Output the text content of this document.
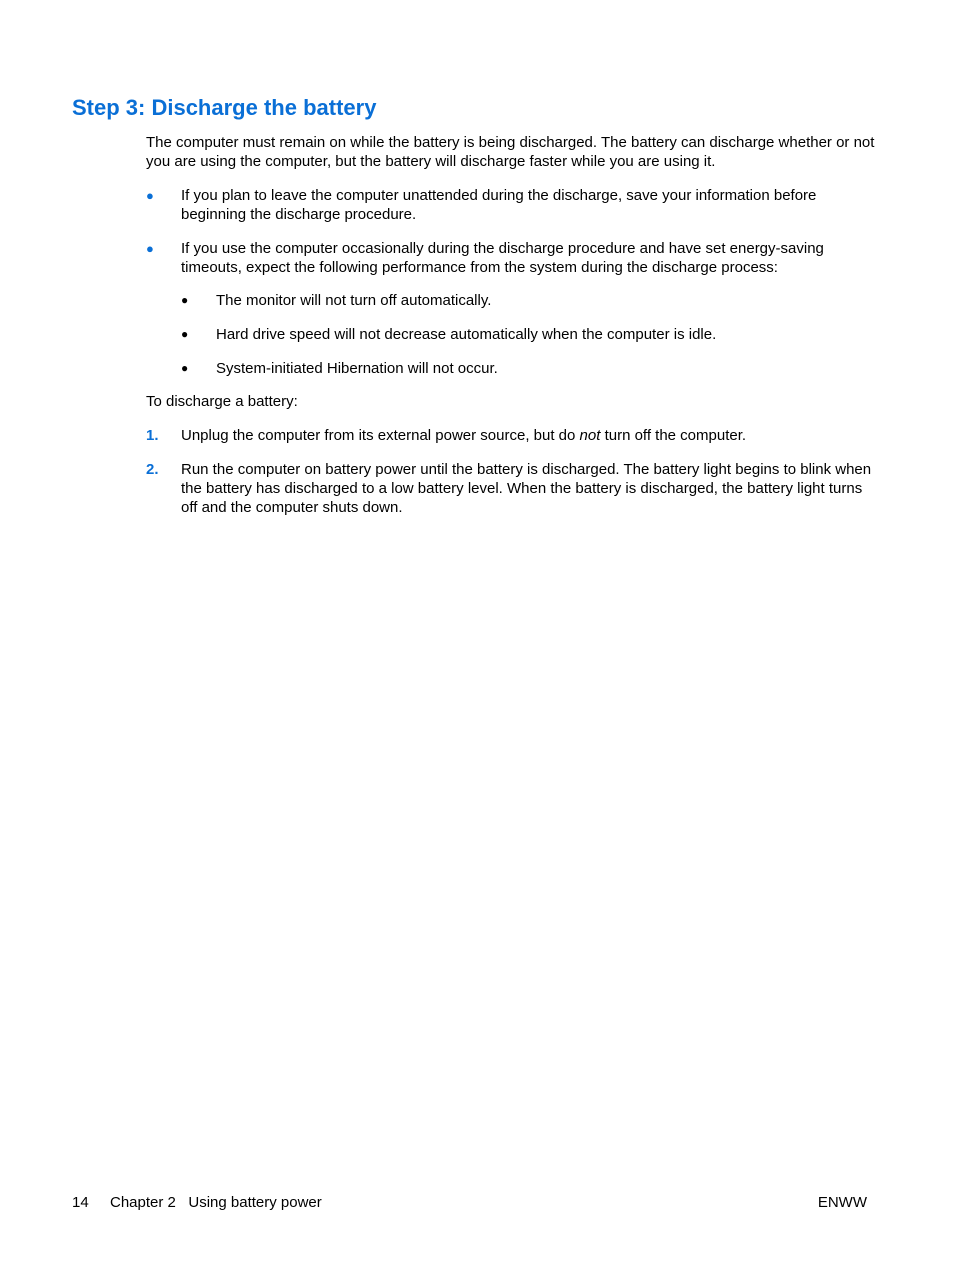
Step 3: Discharge the battery

The computer must remain on while the battery is being discharged. The battery can discharge whether or not you are using the computer, but the battery will discharge faster while you are using it.

● If you plan to leave the computer unattended during the discharge, save your information before beginning the discharge procedure.
● If you use the computer occasionally during the discharge procedure and have set energy-saving timeouts, expect the following performance from the system during the discharge process:
● The monitor will not turn off automatically.
● Hard drive speed will not decrease automatically when the computer is idle.
● System-initiated Hibernation will not occur.

To discharge a battery:

1. Unplug the computer from its external power source, but do not turn off the computer.
2. Run the computer on battery power until the battery is discharged. The battery light begins to blink when the battery has discharged to a low battery level. When the battery is discharged, the battery light turns off and the computer shuts down.
14 Chapter 2   Using battery power	ENWW
